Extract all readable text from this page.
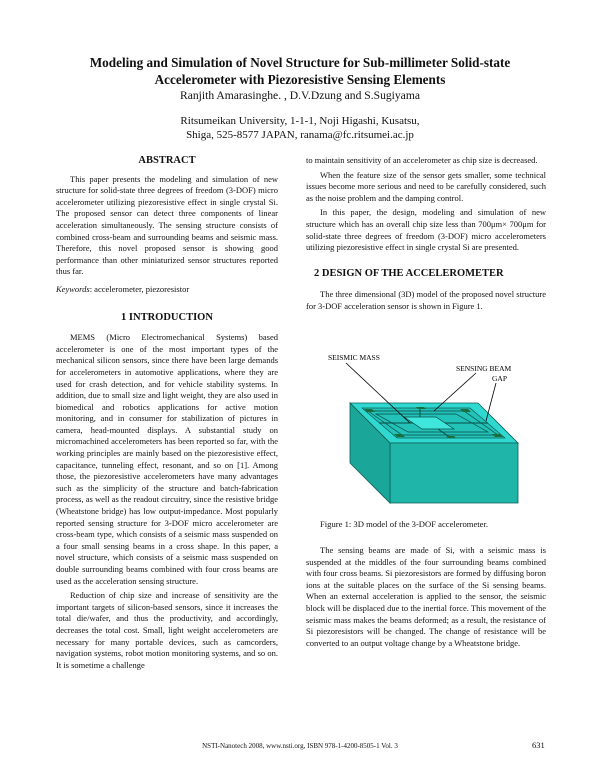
Modeling and Simulation of Novel Structure for Sub-millimeter Solid-state
Accelerometer with Piezoresistive Sensing Elements
Ranjith Amarasinghe. , D.V.Dzung and S.Sugiyama
Ritsumeikan University, 1-1-1, Noji Higashi, Kusatsu,
Shiga, 525-8577 JAPAN, ranama@fc.ritsumei.ac.jp
ABSTRACT

This paper presents the modeling and simulation of new structure for solid-state three degrees of freedom (3-DOF) micro accelerometer utilizing piezoresistive effect in single crystal Si. The proposed sensor can detect three components of linear acceleration simultaneously. The sensing structure consists of combined cross-beam and surrounding beams and seismic mass. Therefore, this novel proposed sensor is showing good performance than other miniaturized sensor structures reported thus far.

Keywords: accelerometer, piezoresistor

1 INTRODUCTION

MEMS (Micro Electromechanical Systems) based accelerometer is one of the most important types of the mechanical silicon sensors, since there have been large demands for accelerometers in automotive applications, where they are used for crash detection, and for vehicle stability systems. In addition, due to small size and light weight, they are also used in biomedical and robotics applications for active motion monitoring, and in consumer for stabilization of pictures in camera, head-mounted displays. A substantial study on micromachined accelerometers has been reported so far, with the working principles are mainly based on the piezoresistive effect, capacitance, tunneling effect, resonant, and so on [1]. Among those, the piezoresistive accelerometers have many advantages such as the simplicity of the structure and batch-fabrication process, as well as the readout circuitry, since the resistive bridge (Wheatstone bridge) has low output-impedance. Most popularly reported sensing structure for 3-DOF micro accelerometer are cross-beam type, which consists of a seismic mass suspended on a four small sensing beams in a cross shape. In this paper, a novel structure, which consists of a seismic mass suspended on double surrounding beams combined with four cross beams are used as the acceleration sensing structure.

Reduction of chip size and increase of sensitivity are the important targets of silicon-based sensors, since it increases the total die/wafer, and thus the productivity, and accordingly, decreases the total cost. Small, light weight accelerometers are necessary for many portable devices, such as camcorders, navigation systems, robot motion monitoring systems, and so on. It is sometime a challenge

to maintain sensitivity of an accelerometer as chip size is decreased.

When the feature size of the sensor gets smaller, some technical issues become more serious and need to be carefully considered, such as the noise problem and the damping control.

In this paper, the design, modeling and simulation of new structure which has an overall chip size less than 700μm× 700μm for solid-state three degrees of freedom (3-DOF) micro accelerometers utilizing piezoresistive effect in single crystal Si are presented.

2 DESIGN OF THE ACCELEROMETER

The three dimensional (3D) model of the proposed novel structure for 3-DOF acceleration sensor is shown in Figure 1.

SEISMIC MASS
SENSING BEAM
GAP
Figure 1: 3D model of the 3-DOF accelerometer.

The sensing beams are made of Si, with a seismic mass is suspended at the middles of the four surrounding beams combined with four cross beams. Si piezoresistors are formed by diffusing boron ions at the suitable places on the surface of the Si sensing beams. When an external acceleration is applied to the sensor, the seismic block will be displaced due to the inertial force. This movement of the seismic mass makes the beams deformed; as a result, the resistance of Si piezoresistors will be changed. The change of resistance will be converted to an output voltage change by a Wheatstone bridge.

NSTI-Nanotech 2008, www.nsti.org, ISBN 978-1-4200-8505-1 Vol. 3	631
